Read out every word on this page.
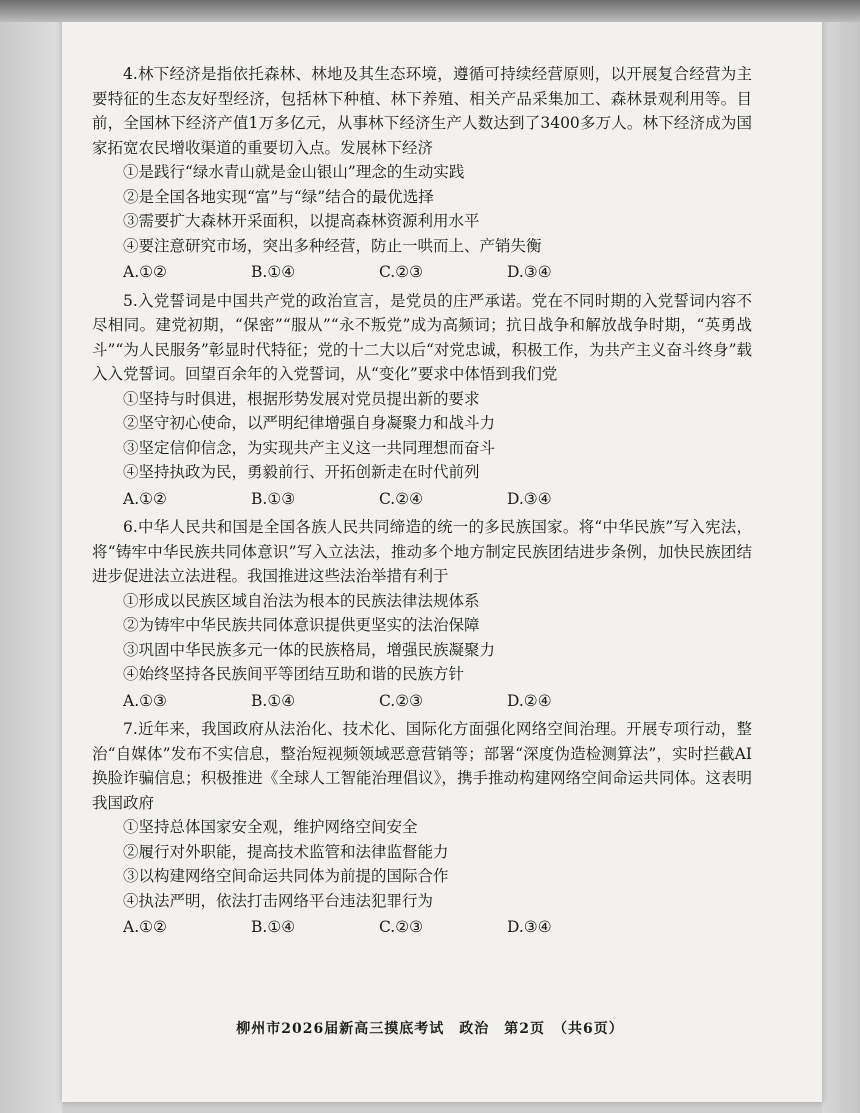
4.林下经济是指依托森林、林地及其生态环境，遵循可持续经营原则，以开展复合经营为主要特征的生态友好型经济，包括林下种植、林下养殖、相关产品采集加工、森林景观利用等。目前，全国林下经济产值1万多亿元，从事林下经济生产人数达到了3400多万人。林下经济成为国家拓宽农民增收渠道的重要切入点。发展林下经济

①是践行“绿水青山就是金山银山”理念的生动实践

②是全国各地实现“富”与“绿”结合的最优选择

③需要扩大森林开采面积，以提高森林资源利用水平

④要注意研究市场，突出多种经营，防止一哄而上、产销失衡

A.①②	B.①④	C.②③	D.③④

5.入党誓词是中国共产党的政治宣言，是党员的庄严承诺。党在不同时期的入党誓词内容不尽相同。建党初期，“保密”“服从”“永不叛党”成为高频词；抗日战争和解放战争时期，“英勇战斗”“为人民服务”彰显时代特征；党的十二大以后“对党忠诚，积极工作，为共产主义奋斗终身”载入入党誓词。回望百余年的入党誓词，从“变化”要求中体悟到我们党

①坚持与时俱进，根据形势发展对党员提出新的要求

②坚守初心使命，以严明纪律增强自身凝聚力和战斗力

③坚定信仰信念，为实现共产主义这一共同理想而奋斗

④坚持执政为民，勇毅前行、开拓创新走在时代前列

A.①②	B.①③	C.②④	D.③④

6.中华人民共和国是全国各族人民共同缔造的统一的多民族国家。将“中华民族”写入宪法，将“铸牢中华民族共同体意识”写入立法法，推动多个地方制定民族团结进步条例，加快民族团结进步促进法立法进程。我国推进这些法治举措有利于

①形成以民族区域自治法为根本的民族法律法规体系

②为铸牢中华民族共同体意识提供更坚实的法治保障

③巩固中华民族多元一体的民族格局，增强民族凝聚力

④始终坚持各民族间平等团结互助和谐的民族方针

A.①③	B.①④	C.②③	D.②④

7.近年来，我国政府从法治化、技术化、国际化方面强化网络空间治理。开展专项行动，整治“自媒体”发布不实信息，整治短视频领域恶意营销等；部署“深度伪造检测算法”，实时拦截AI换脸诈骗信息；积极推进《全球人工智能治理倡议》，携手推动构建网络空间命运共同体。这表明我国政府

①坚持总体国家安全观，维护网络空间安全

②履行对外职能，提高技术监管和法律监督能力

③以构建网络空间命运共同体为前提的国际合作

④执法严明，依法打击网络平台违法犯罪行为

A.①②	B.①④	C.②③	D.③④
柳州市2026届新高三摸底考试　政治　第2页　（共6页）
